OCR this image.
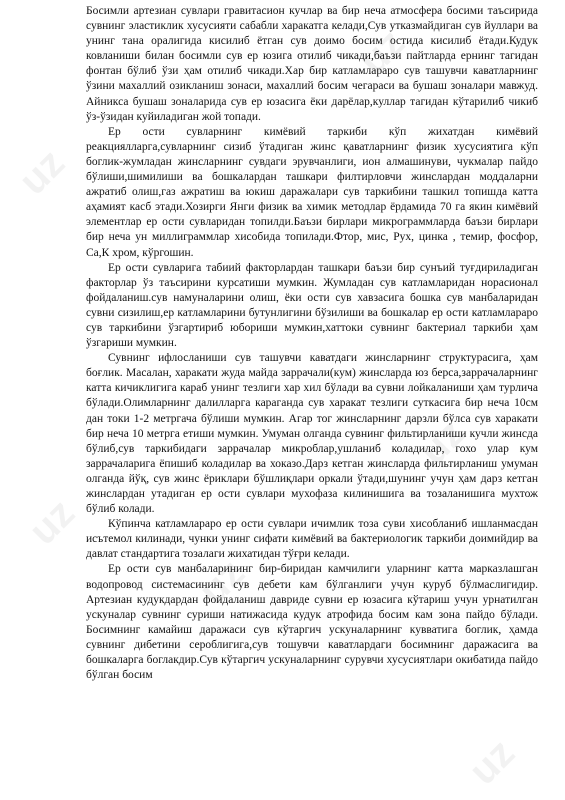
uz
uz
uz
uz
uz
uz

Босимли артезиан сувлари гравитасион кучлар ва бир неча атмосфера босими таъсирида сувнинг эластиклик хусусияти сабабли харакатга келади,Сув утказмайдиган сув йуллари ва унинг тана оралигида кисилиб ётган сув доимо босим остида кисилиб ётади.Кудук ковланиши билан босимли сув ер юзига отилиб чикади,баъзи пайтларда ернинг тагидан фонтан бўлиб ўзи ҳам отилиб чикади.Хар бир катламлараро сув ташувчи каватларнинг ўзини махаллий озикланиш зонаси, махаллий босим чегараси ва бушаш зоналари мавжуд. Айникса бушаш зоналарида сув ер юзасига ёки дарёлар,куллар тагидан кўтарилиб чикиб ўз-ўзидан куйиладиган жой топади.

Ер ости сувларнинг кимёвий таркиби кўп жихатдан кимёвий реакциялларга,сувларнинг сизиб ўтадиган жинс қаватларнинг физик хусусиятига кўп боглик-жумладан жинсларнинг сувдаги эрувчанлиги, ион алмашинуви, чукмалар пайдо бўлиши,шимилиши ва бошкалардан ташкари филтирловчи жинслардан моддаларни ажратиб олиш,газ ажратиш ва юкиш даражалари сув таркибини ташкил топишда катта аҳамият касб этади.Хозирги Янги физик ва химик методлар ёрдамида 70 га якин кимёвий элементлар ер ости сувларидан топилди.Баъзи бирлари микрограммларда баъзи бирлари бир неча ун миллиграммлар хисобида топилади.Фтор, мис, Рух, цинка , темир, фосфор, Са,К хром, кўргошин.

Ер ости сувларига табиий факторлардан ташкари баъзи бир сунъий туғдириладиган факторлар ўз таъсирини курсатиши мумкин. Жумладан сув катламларидан норасионал фойдаланиш.сув намуналарини олиш, ёки ости сув хавзасига бошка сув манбаларидан сувни сизилиш,ер катламларини бутунлигини бўзилиши ва бошкалар ер ости катламлараро сув таркибини ўзгартириб юбориши мумкин,хаттоки сувнинг бактериал таркиби ҳам ўзгариши мумкин.

Сувнинг ифлосланиши сув ташувчи каватдаги жинсларнинг структурасига, ҳам боғлик. Масалан, харакати жуда майда заррачали(кум) жинсларда юз берса,заррачаларнинг катта кичиклигига караб унинг тезлиги хар хил бўлади ва сувни лойкаланиши ҳам турлича бўлади.Олимларнинг далилларга караганда сув харакат тезлиги суткасига бир неча 10см дан токи 1-2 метргача бўлиши мумкин. Агар тог жинсларнинг дарзли бўлса сув харакати бир неча 10 метрга етиши мумкин. Умуман олганда сувнинг фильтирланиши кучли жинсда бўлиб,сув таркибидаги заррачалар микроблар,ушланиб коладилар, гохо улар кум заррачаларига ёпишиб коладилар ва хоказо.Дарз кетган жинсларда фильтирланиш умуман олганда йўқ, сув жинс ёриклари бўшлиқлари оркали ўтади,шунинг учун ҳам дарз кетган жинслардан утадиган ер ости сувлари мухофаза килинишига ва тозаланишига мухтож бўлиб колади.

Кўпинча катламлараро ер ости сувлари ичимлик тоза суви хисобланиб ишланмасдан исътемол килинади, чунки унинг сифати кимёвий ва бактериологик таркиби доимийдир ва давлат стандартига тозалаги жихатидан тўғри келади.

Ер ости сув манбаларининг бир-биридан камчилиги уларнинг катта марказлашган водопровод системасининг сув дебети кам бўлганлиги учун куруб бўлмаслигидир. Артезиан кудукдардан фойдаланиш давриде сувни ер юзасига кўтариш учун урнатилган ускуналар сувнинг суриши натижасида кудук атрофида босим кам зона пайдо бўлади. Босимнинг камайиш даражаси сув кўтаргич ускуналарнинг кувватига боглик, ҳамда сувнинг дибетини сероблигига,сув тошувчи каватлардаги босимнинг даражасига ва бошкаларга боглакдир.Сув кўтаргич ускуналарнинг сурувчи хусусиятлари окибатида пайдо бўлган босим
